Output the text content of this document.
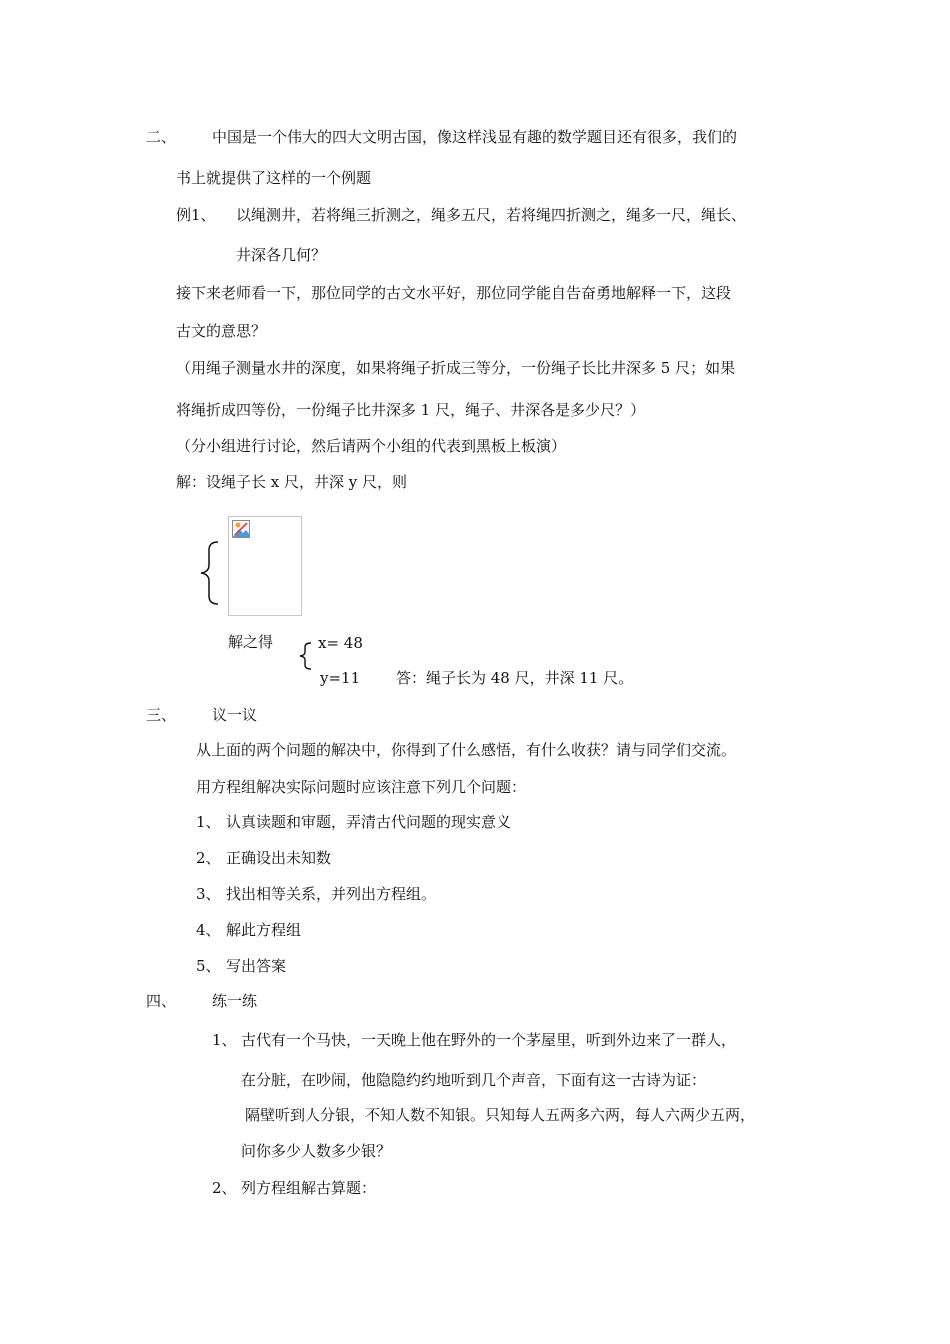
二、 中国是一个伟大的四大文明古国，像这样浅显有趣的数学题目还有很多，我们的
书上就提供了这样的一个例题
例1、 以绳测井，若将绳三折测之，绳多五尺，若将绳四折测之，绳多一尺，绳长、
井深各几何？
接下来老师看一下，那位同学的古文水平好，那位同学能自告奋勇地解释一下，这段
古文的意思？
（用绳子测量水井的深度，如果将绳子折成三等分，一份绳子长比井深多 5 尺；如果
将绳折成四等份，一份绳子比井深多 1 尺，绳子、井深各是多少尺？）
（分小组进行讨论，然后请两个小组的代表到黑板上板演）
解：设绳子长 x 尺，井深 y 尺，则
解之得	x= 48
y=11 答：绳子长为 48 尺，井深 11 尺。
三、 议一议
从上面的两个问题的解决中，你得到了什么感悟，有什么收获？请与同学们交流。
用方程组解决实际问题时应该注意下列几个问题：
1、 认真读题和审题，弄清古代问题的现实意义
2、 正确设出未知数
3、 找出相等关系，并列出方程组。
4、 解此方程组
5、 写出答案
四、 练一练
1、 古代有一个马快，一天晚上他在野外的一个茅屋里，听到外边来了一群人，
在分脏，在吵闹，他隐隐约约地听到几个声音，下面有这一古诗为证：
隔壁听到人分银，不知人数不知银。只知每人五两多六两，每人六两少五两，
问你多少人数多少银？
2、 列方程组解古算题：
